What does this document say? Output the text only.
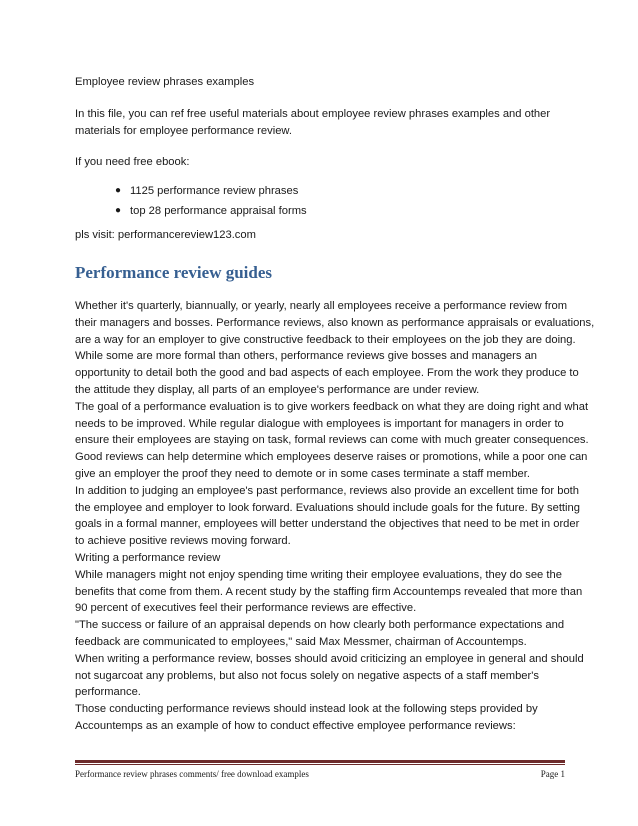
Employee review phrases examples
In this file, you can ref free useful materials about employee review phrases examples and other
materials for employee performance review.
If you need free ebook:
● 1125 performance review phrases
● top 28 performance appraisal forms
pls visit: performancereview123.com
Performance review guides
Whether it's quarterly, biannually, or yearly, nearly all employees receive a performance review from
their managers and bosses. Performance reviews, also known as performance appraisals or evaluations,
are a way for an employer to give constructive feedback to their employees on the job they are doing.
While some are more formal than others, performance reviews give bosses and managers an
opportunity to detail both the good and bad aspects of each employee. From the work they produce to
the attitude they display, all parts of an employee's performance are under review.
The goal of a performance evaluation is to give workers feedback on what they are doing right and what
needs to be improved. While regular dialogue with employees is important for managers in order to
ensure their employees are staying on task, formal reviews can come with much greater consequences.
Good reviews can help determine which employees deserve raises or promotions, while a poor one can
give an employer the proof they need to demote or in some cases terminate a staff member.
In addition to judging an employee's past performance, reviews also provide an excellent time for both
the employee and employer to look forward. Evaluations should include goals for the future. By setting
goals in a formal manner, employees will better understand the objectives that need to be met in order
to achieve positive reviews moving forward.
Writing a performance review
While managers might not enjoy spending time writing their employee evaluations, they do see the
benefits that come from them. A recent study by the staffing firm Accountemps revealed that more than
90 percent of executives feel their performance reviews are effective.
"The success or failure of an appraisal depends on how clearly both performance expectations and
feedback are communicated to employees," said Max Messmer, chairman of Accountemps.
When writing a performance review, bosses should avoid criticizing an employee in general and should
not sugarcoat any problems, but also not focus solely on negative aspects of a staff member's
performance.
Those conducting performance reviews should instead look at the following steps provided by
Accountemps as an example of how to conduct effective employee performance reviews:
Performance review phrases comments/ free download examples	Page 1
